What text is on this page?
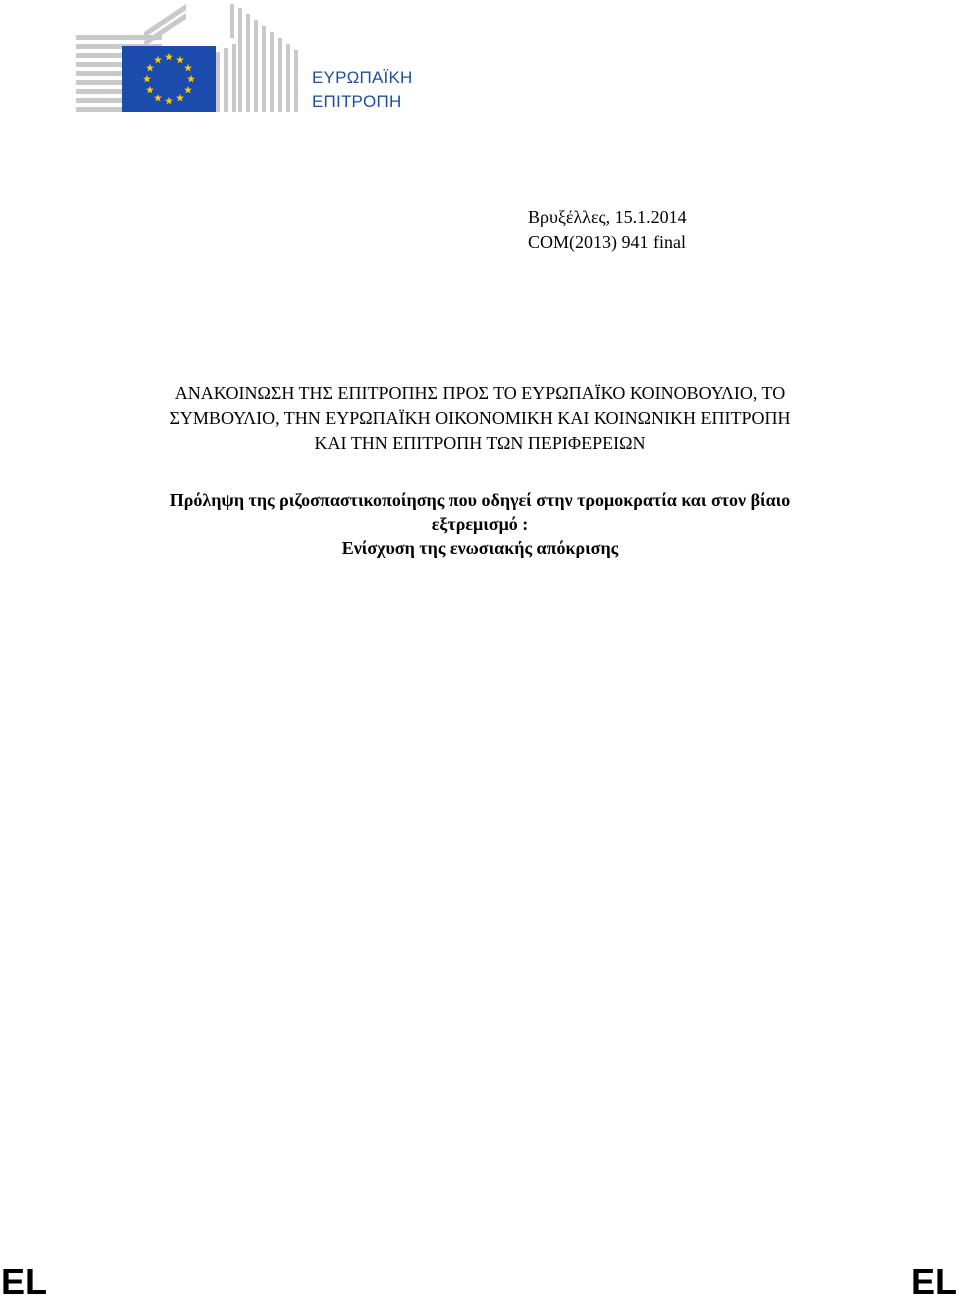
ΕΥΡΩΠΑΪΚΗ
ΕΠΙΤΡΟΠΗ
Βρυξέλλες, 15.1.2014
COM(2013) 941 final
ΑΝΑΚΟΙΝΩΣΗ ΤΗΣ ΕΠΙΤΡΟΠΗΣ ΠΡΟΣ ΤΟ ΕΥΡΩΠΑΪΚΟ ΚΟΙΝΟΒΟΥΛΙΟ, ΤΟ
ΣΥΜΒΟΥΛΙΟ, ΤΗΝ ΕΥΡΩΠΑΪΚΗ ΟΙΚΟΝΟΜΙΚΗ ΚΑΙ ΚΟΙΝΩΝΙΚΗ ΕΠΙΤΡΟΠΗ
ΚΑΙ ΤΗΝ ΕΠΙΤΡΟΠΗ ΤΩΝ ΠΕΡΙΦΕΡΕΙΩΝ
Πρόληψη της ριζοσπαστικοποίησης που οδηγεί στην τρομοκρατία και στον βίαιο
εξτρεμισμό :
Ενίσχυση της ενωσιακής απόκρισης
EL	EL
